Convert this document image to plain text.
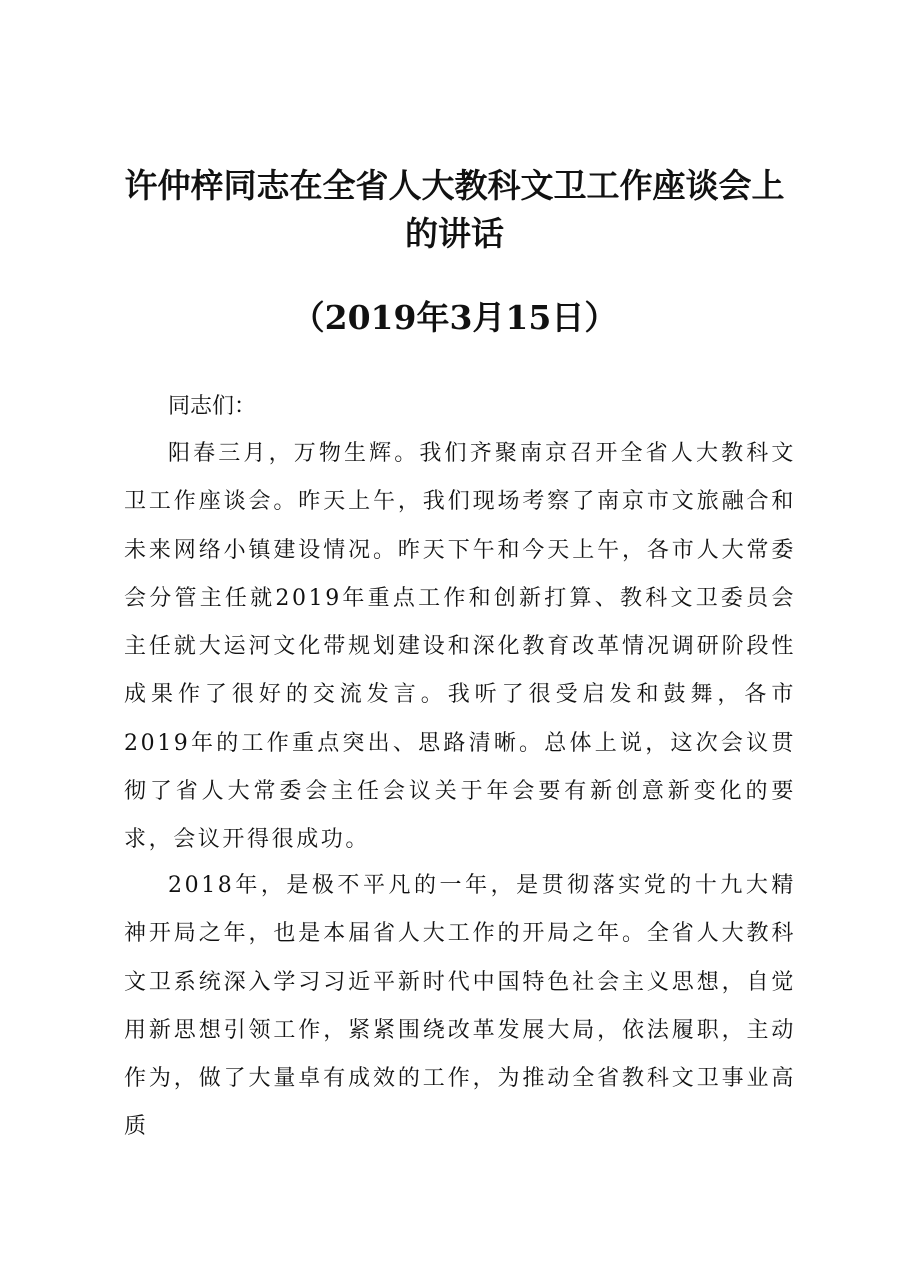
许仲梓同志在全省人大教科文卫工作座谈会上
的讲话
（2019年3月15日）

同志们：

阳春三月，万物生辉。我们齐聚南京召开全省人大教科文卫工作座谈会。昨天上午，我们现场考察了南京市文旅融合和未来网络小镇建设情况。昨天下午和今天上午，各市人大常委会分管主任就2019年重点工作和创新打算、教科文卫委员会主任就大运河文化带规划建设和深化教育改革情况调研阶段性成果作了很好的交流发言。我听了很受启发和鼓舞，各市2019年的工作重点突出、思路清晰。总体上说，这次会议贯彻了省人大常委会主任会议关于年会要有新创意新变化的要求，会议开得很成功。

2018年，是极不平凡的一年，是贯彻落实党的十九大精神开局之年，也是本届省人大工作的开局之年。全省人大教科文卫系统深入学习习近平新时代中国特色社会主义思想，自觉用新思想引领工作，紧紧围绕改革发展大局，依法履职，主动作为，做了大量卓有成效的工作，为推动全省教科文卫事业高质
